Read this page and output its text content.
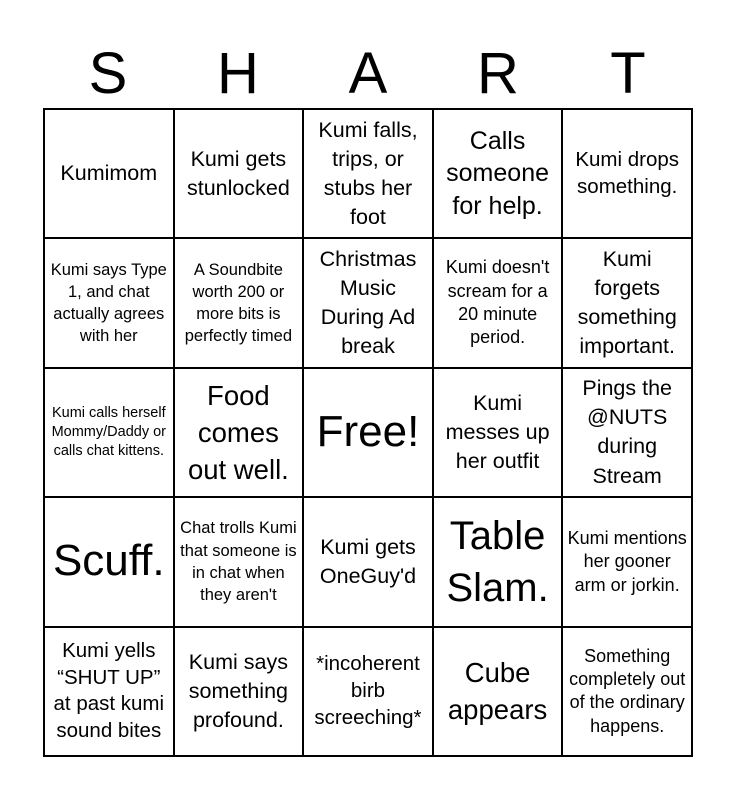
S	H	A	R	T
Kumimom
Kumi gets stunlocked
Kumi falls, trips, or stubs her foot
Calls someone for help.
Kumi drops something.
Kumi says Type 1, and chat actually agrees with her
A Soundbite worth 200 or more bits is perfectly timed
Christmas Music During Ad break
Kumi doesn't scream for a 20 minute period.
Kumi forgets something important.
Kumi calls herself Mommy/Daddy or calls chat kittens.
Food comes out well.
Free!
Kumi messes up her outfit
Pings the @NUTS during Stream
Scuff.
Chat trolls Kumi that someone is in chat when they aren't
Kumi gets OneGuy'd
Table Slam.
Kumi mentions her gooner arm or jorkin.
Kumi yells “SHUT UP” at past kumi sound bites
Kumi says something profound.
*incoherent birb screeching*
Cube appears
Something completely out of the ordinary happens.
